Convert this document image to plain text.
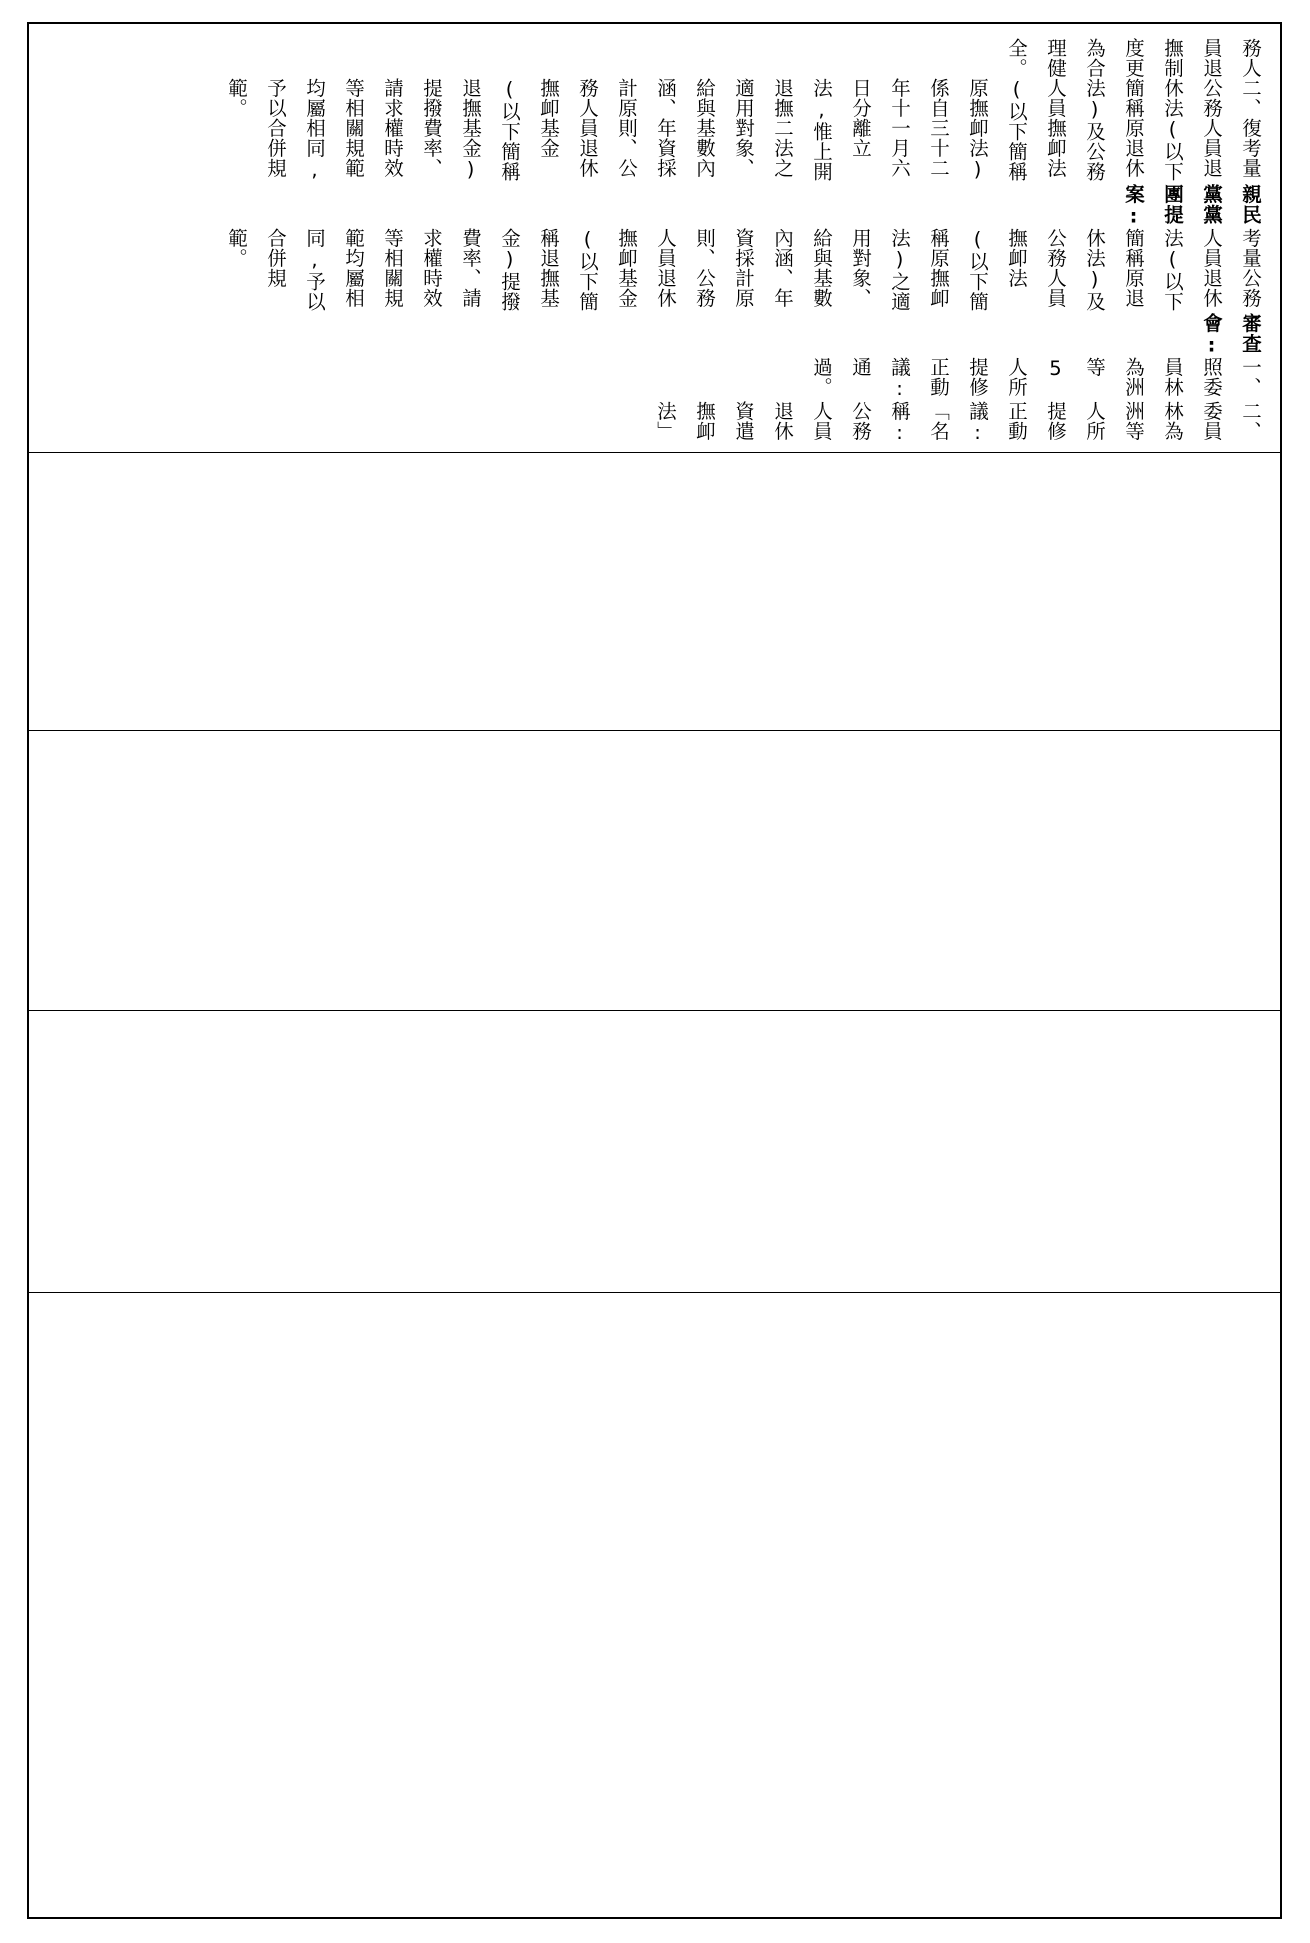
務人員退撫制度更為合理健全。
二、復考量公務人員退休法(以下簡稱原退休法)及公務人員撫卹法(以下簡稱原撫卹法)係自三十二年十一月六日分離立法,惟上開退撫二法之適用對象、給與基數內涵、年資採計原則、公務人員退休撫卹基金(以下簡稱退撫基金)提撥費率、請求權時效等相關規範均屬相同,予以合併規範。
親民黨黨團提案:
考量公務人員退休法(以下簡稱原退休法)及公務人員撫卹法(以下簡稱原撫卹法)之適用對象、給與基數內涵、年資採計原則、公務人員退休撫卹基金(以下簡稱退撫基金)提撥費率、請求權時效等相關規範均屬相同,予以合併規範。
審查會:
一、照委員林為洲等 5 人所提修正動議:通過。
二、委員林為洲等人所提修正動議:「名稱:公務人員退休資遣撫卹法」
